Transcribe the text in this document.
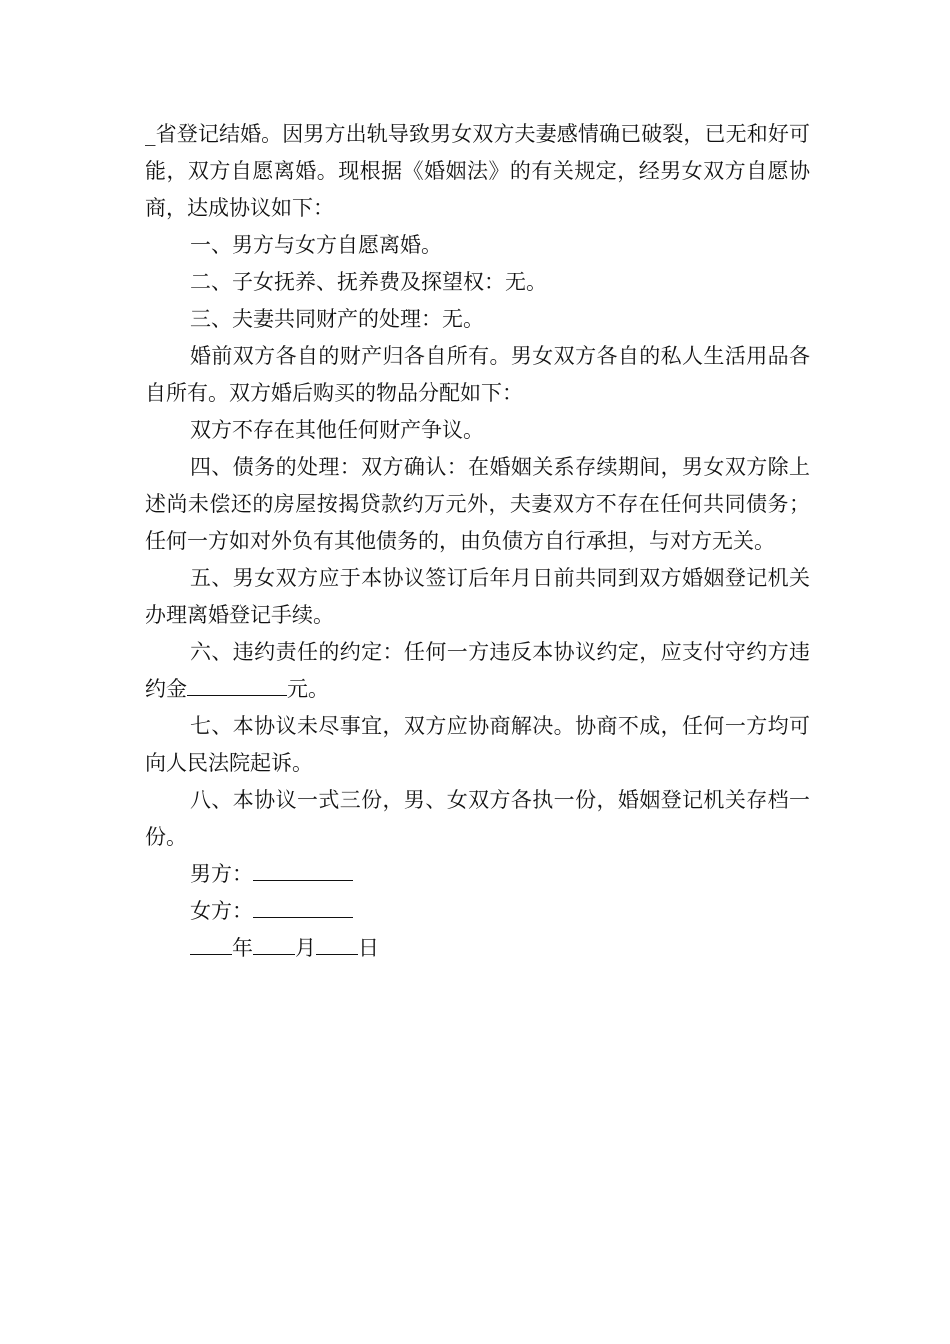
_省登记结婚。因男方出轨导致男女双方夫妻感情确已破裂，已无和好可能，双方自愿离婚。现根据《婚姻法》的有关规定，经男女双方自愿协商，达成协议如下：

一、男方与女方自愿离婚。

二、子女抚养、抚养费及探望权：无。

三、夫妻共同财产的处理：无。

婚前双方各自的财产归各自所有。男女双方各自的私人生活用品各自所有。双方婚后购买的物品分配如下：

双方不存在其他任何财产争议。

四、债务的处理：双方确认：在婚姻关系存续期间，男女双方除上述尚未偿还的房屋按揭贷款约万元外，夫妻双方不存在任何共同债务；任何一方如对外负有其他债务的，由负债方自行承担，与对方无关。

五、男女双方应于本协议签订后年月日前共同到双方婚姻登记机关办理离婚登记手续。

六、违约责任的约定：任何一方违反本协议约定，应支付守约方违约金	元。

七、本协议未尽事宜，双方应协商解决。协商不成，任何一方均可向人民法院起诉。

八、本协议一式三份，男、女双方各执一份，婚姻登记机关存档一份。

男方：

女方：

年 月 日
